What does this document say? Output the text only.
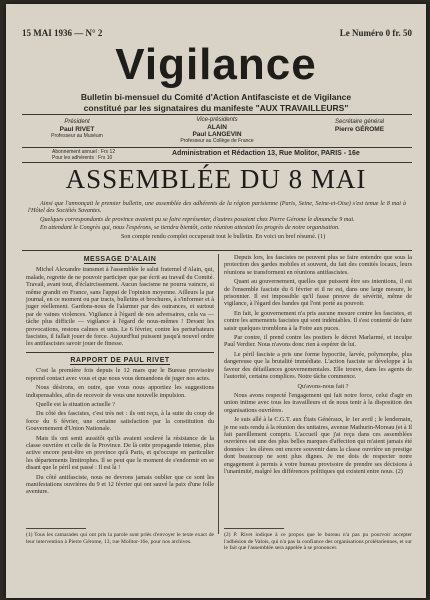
15 MAI 1936 — N° 2	Le Numéro 0 fr. 50
Vigilance
Bulletin bi-mensuel du Comité d'Action Antifasciste et de Vigilance
constitué par les signataires du manifeste "AUX TRAVAILLEURS"
Président
Paul RIVET
Professeur au Muséum
Vice-présidents
ALAIN
Paul LANGEVIN
Professeur au Collège de France
Secrétaire général
Pierre GÉROME
Abonnement annuel : Frs 12
Pour les adhérents : Frs 10
Administration et Rédaction 13, Rue Molitor, PARIS - 16e
ASSEMBLÉE DU 8 MAI

Ainsi que l'annonçait le premier bulletin, une assemblée des adhérents de la région parisienne (Paris, Seine, Seine-et-Oise) s'est tenue le 8 mai à l'Hôtel des Sociétés Savantes.

Quelques correspondants de province avaient pu se faire représenter, d'autres posaient chez Pierre Gérome le dimanche 9 mai.

En attendant le Congrès qui, nous l'espérons, se tiendra bientôt, cette réunion attestait les progrès de notre organisation.

Son compte rendu complet occuperait tout le bulletin. En voici un bref résumé. (1)

MESSAGE D'ALAIN

Michel Alexandre transmet à l'assemblée le salut fraternel d'Alain, qui, malade, regrette de ne pouvoir participer que par écrit au travail du Comité. Travail, avant tout, d'éclaircissement. Aucun fascisme ne pourra vaincre, si même grandit en France, sans l'appui de l'opinion moyenne. Ailleurs la par journal, en ce moment ou par tracts, bulletins et brochures, à s'informer et à juger réellement. Gardons-nous de l'alarmer par des outrances, et surtout par de vaines violences. Vigilance à l'égard de nos adversaires, cela va — tâche plus difficile — vigilance à l'égard de nous-mêmes ! Devant les provocations, restons calmes et unis. Le 6 février, contre les perturbateurs fascistes, il fallait jouer de force. Aujourd'hui puissent jusqu'à nouvel ordre les antifascistes savoir jouer de finesse.

RAPPORT DE PAUL RIVET

C'est la première fois depuis le 12 mars que le Bureau provisoire reprend contact avec vous et que nous vous demandons de juger nos actes.

Nous désirons, en outre, que vous nous apportiez les suggestions indispensables, afin de recevoir de vous une nouvelle impulsion.

Quelle est la situation actuelle ?

Du côté des fascistes, c'est très net : ils ont reçu, à la suite du coup de force du 6 février, une certaine satisfaction par la constitution du Gouvernement d'Union Nationale.

Mais ils ont senti aussitôt qu'ils avaient soulevé la résistance de la classe ouvrière et celle de la Province. De là cette propagande intense, plus active encore peut-être en province qu'à Paris, et qu'occupe en particulier les départements limitrophes. Il se peut que le moment de s'endormir en se disant que le péril est passé : Il est là !

Du côté antifasciste, nous ne devrons jamais oublier que ce sont les manifestations ouvrières du 9 et 12 février qui ont sauvé la paix d'une folle aventure.

Depuis lors, les fascistes ne peuvent plus se faire entendre que sous la protection des gardes mobiles et souvent, du fait des comités locaux, leurs réunions se transforment en réunions antifascistes.

Quant au gouvernement, quelles que puissent être ses intentions, il est de l'ensemble fasciste du 6 février et il ne est, dans une large mesure, le prisonnier. Il est impossible qu'il fasse preuve de sévérité, même de vigilance, à l'égard des bandes qui l'ont porté au pouvoir.

En fait, le gouvernement n'a pris aucune mesure contre les fascistes, et contre les armements fascistes qui sont indéniables. Il s'est contenté de faire saisir quelques tromblons à la Foire aux puces.

Par contre, il prend contre les postiers le décret Marlarmé, et inculpe Paul Verdier. Nous n'avons donc rien à espérer de lui.

Le péril fasciste a pris une forme hypocrite, larvée, polymorphe, plus dangereuse que la brutalité immédiate. L'action fasciste se développe à la faveur des défaillances gouvernementales. Elle trouve, dans les agents de l'autorité, certains complices. Notre tâche commence.

Qu'avons-nous fait ?

Nous avons respecté l'engagement qui fait notre force, celui d'agir en union intime avec tous les travailleurs et de nous tenir à la disposition des organisations ouvrières.

Je suis allé à la C.G.T. aux États Généraux, le 1er avril ; le lendemain, je me suis rendu à la réunion des unitaires, avenue Mathurin-Moreau (et à Il fait pareillement compris. L'accueil que j'ai reçu dans ces assemblées ouvrières est une des plus belles marques d'affection qui m'aient jamais été données : les élèves ont encore souvenir dans la classe ouvrière un prestige dont beaucoup ne sont plus dignes. Je me dois de respecter notre engagement à permis à votre bureau provisoire de prendre ses décisions à l'unanimité, malgré les différences politiques qui existent entre nous. (2)

(1) Tous les camarades qui ont pris la parole sont priés d'envoyer le texte exact de leur intervention à Pierre Gérome, 13, rue Molitor-16e, pour nos archives.
(2) P. Rivet indique à ce propos que le bureau n'a pas pu pourvoir accepter l'adhésion de Valois, qui n'a pas la confiance des organisations prolétariennes, et sur le fait que l'assemblée sera appelée à se prononcer.
